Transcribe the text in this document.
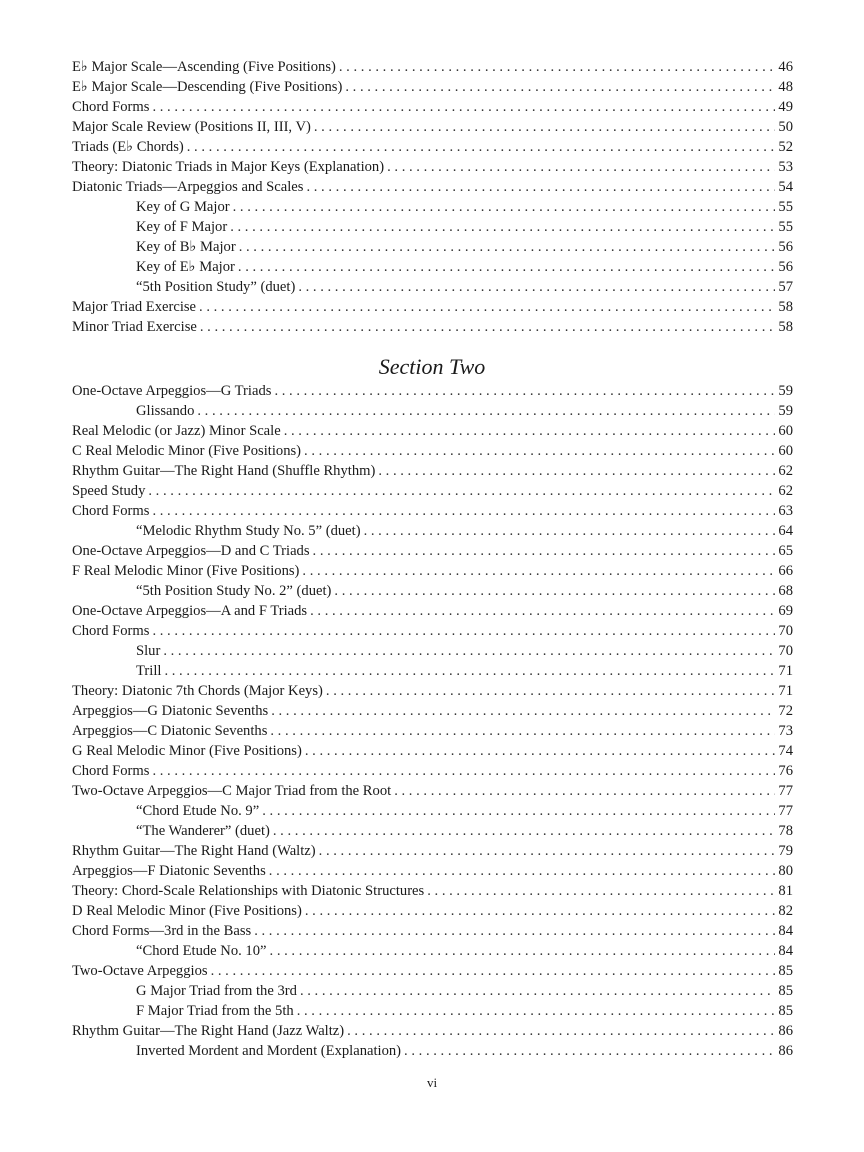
E♭ Major Scale—Ascending (Five Positions) . . .	46
E♭ Major Scale—Descending (Five Positions) . . .	48
Chord Forms . . .	49
Major Scale Review (Positions II, III, V) . . .	50
Triads (E♭ Chords) . . .	52
Theory: Diatonic Triads in Major Keys (Explanation) . . .	53
Diatonic Triads—Arpeggios and Scales . . .	54
Key of G Major . . .	55
Key of F Major . . .	55
Key of B♭ Major . . .	56
Key of E♭ Major . . .	56
“5th Position Study” (duet) . . .	57
Major Triad Exercise . . .	58
Minor Triad Exercise . . .	58
Section Two
One-Octave Arpeggios—G Triads . . .	59
Glissando . . .	59
Real Melodic (or Jazz) Minor Scale . . .	60
C Real Melodic Minor (Five Positions) . . .	60
Rhythm Guitar—The Right Hand (Shuffle Rhythm) . . .	62
Speed Study . . .	62
Chord Forms . . .	63
“Melodic Rhythm Study No. 5” (duet) . . .	64
One-Octave Arpeggios—D and C Triads . . .	65
F Real Melodic Minor (Five Positions) . . .	66
“5th Position Study No. 2” (duet) . . .	68
One-Octave Arpeggios—A and F Triads . . .	69
Chord Forms . . .	70
Slur . . .	70
Trill . . .	71
Theory: Diatonic 7th Chords (Major Keys) . . .	71
Arpeggios—G Diatonic Sevenths . . .	72
Arpeggios—C Diatonic Sevenths . . .	73
G Real Melodic Minor (Five Positions) . . .	74
Chord Forms . . .	76
Two-Octave Arpeggios—C Major Triad from the Root . . .	77
“Chord Etude No. 9” . . .	77
“The Wanderer” (duet) . . .	78
Rhythm Guitar—The Right Hand (Waltz) . . .	79
Arpeggios—F Diatonic Sevenths . . .	80
Theory: Chord-Scale Relationships with Diatonic Structures . . .	81
D Real Melodic Minor (Five Positions) . . .	82
Chord Forms—3rd in the Bass . . .	84
“Chord Etude No. 10” . . .	84
Two-Octave Arpeggios . . .	85
G Major Triad from the 3rd . . .	85
F Major Triad from the 5th . . .	85
Rhythm Guitar—The Right Hand (Jazz Waltz) . . .	86
Inverted Mordent and Mordent (Explanation) . . .	86
vi
